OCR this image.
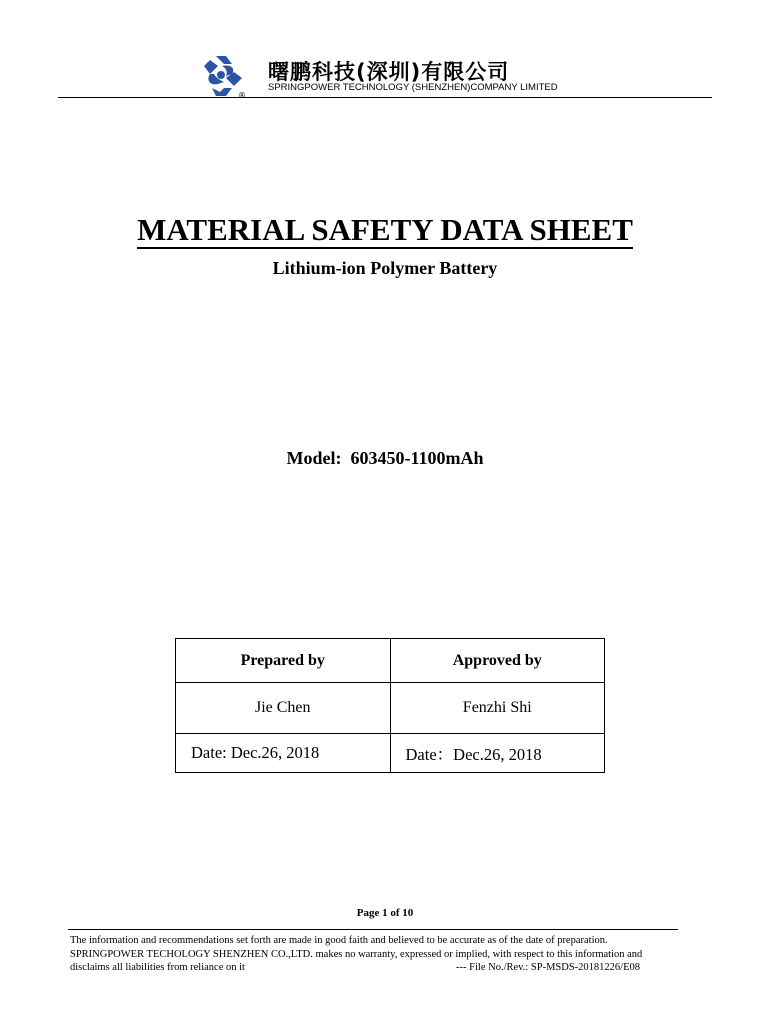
®
曙鹏科技(深圳)有限公司
SPRINGPOWER TECHNOLOGY (SHENZHEN)COMPANY LIMITED
MATERIAL SAFETY DATA SHEET
Lithium-ion Polymer Battery
Model:  603450-1100mAh
Prepared by	Approved by
Jie Chen	Fenzhi Shi
Date: Dec.26, 2018	Date：Dec.26, 2018
Page 1 of 10
The information and recommendations set forth are made in good faith and believed to be accurate as of the date of preparation.
SPRINGPOWER TECHOLOGY SHENZHEN CO.,LTD. makes no warranty, expressed or implied, with respect to this information and
disclaims all liabilities from reliance on it	--- File No./Rev.: SP-MSDS-20181226/E08
